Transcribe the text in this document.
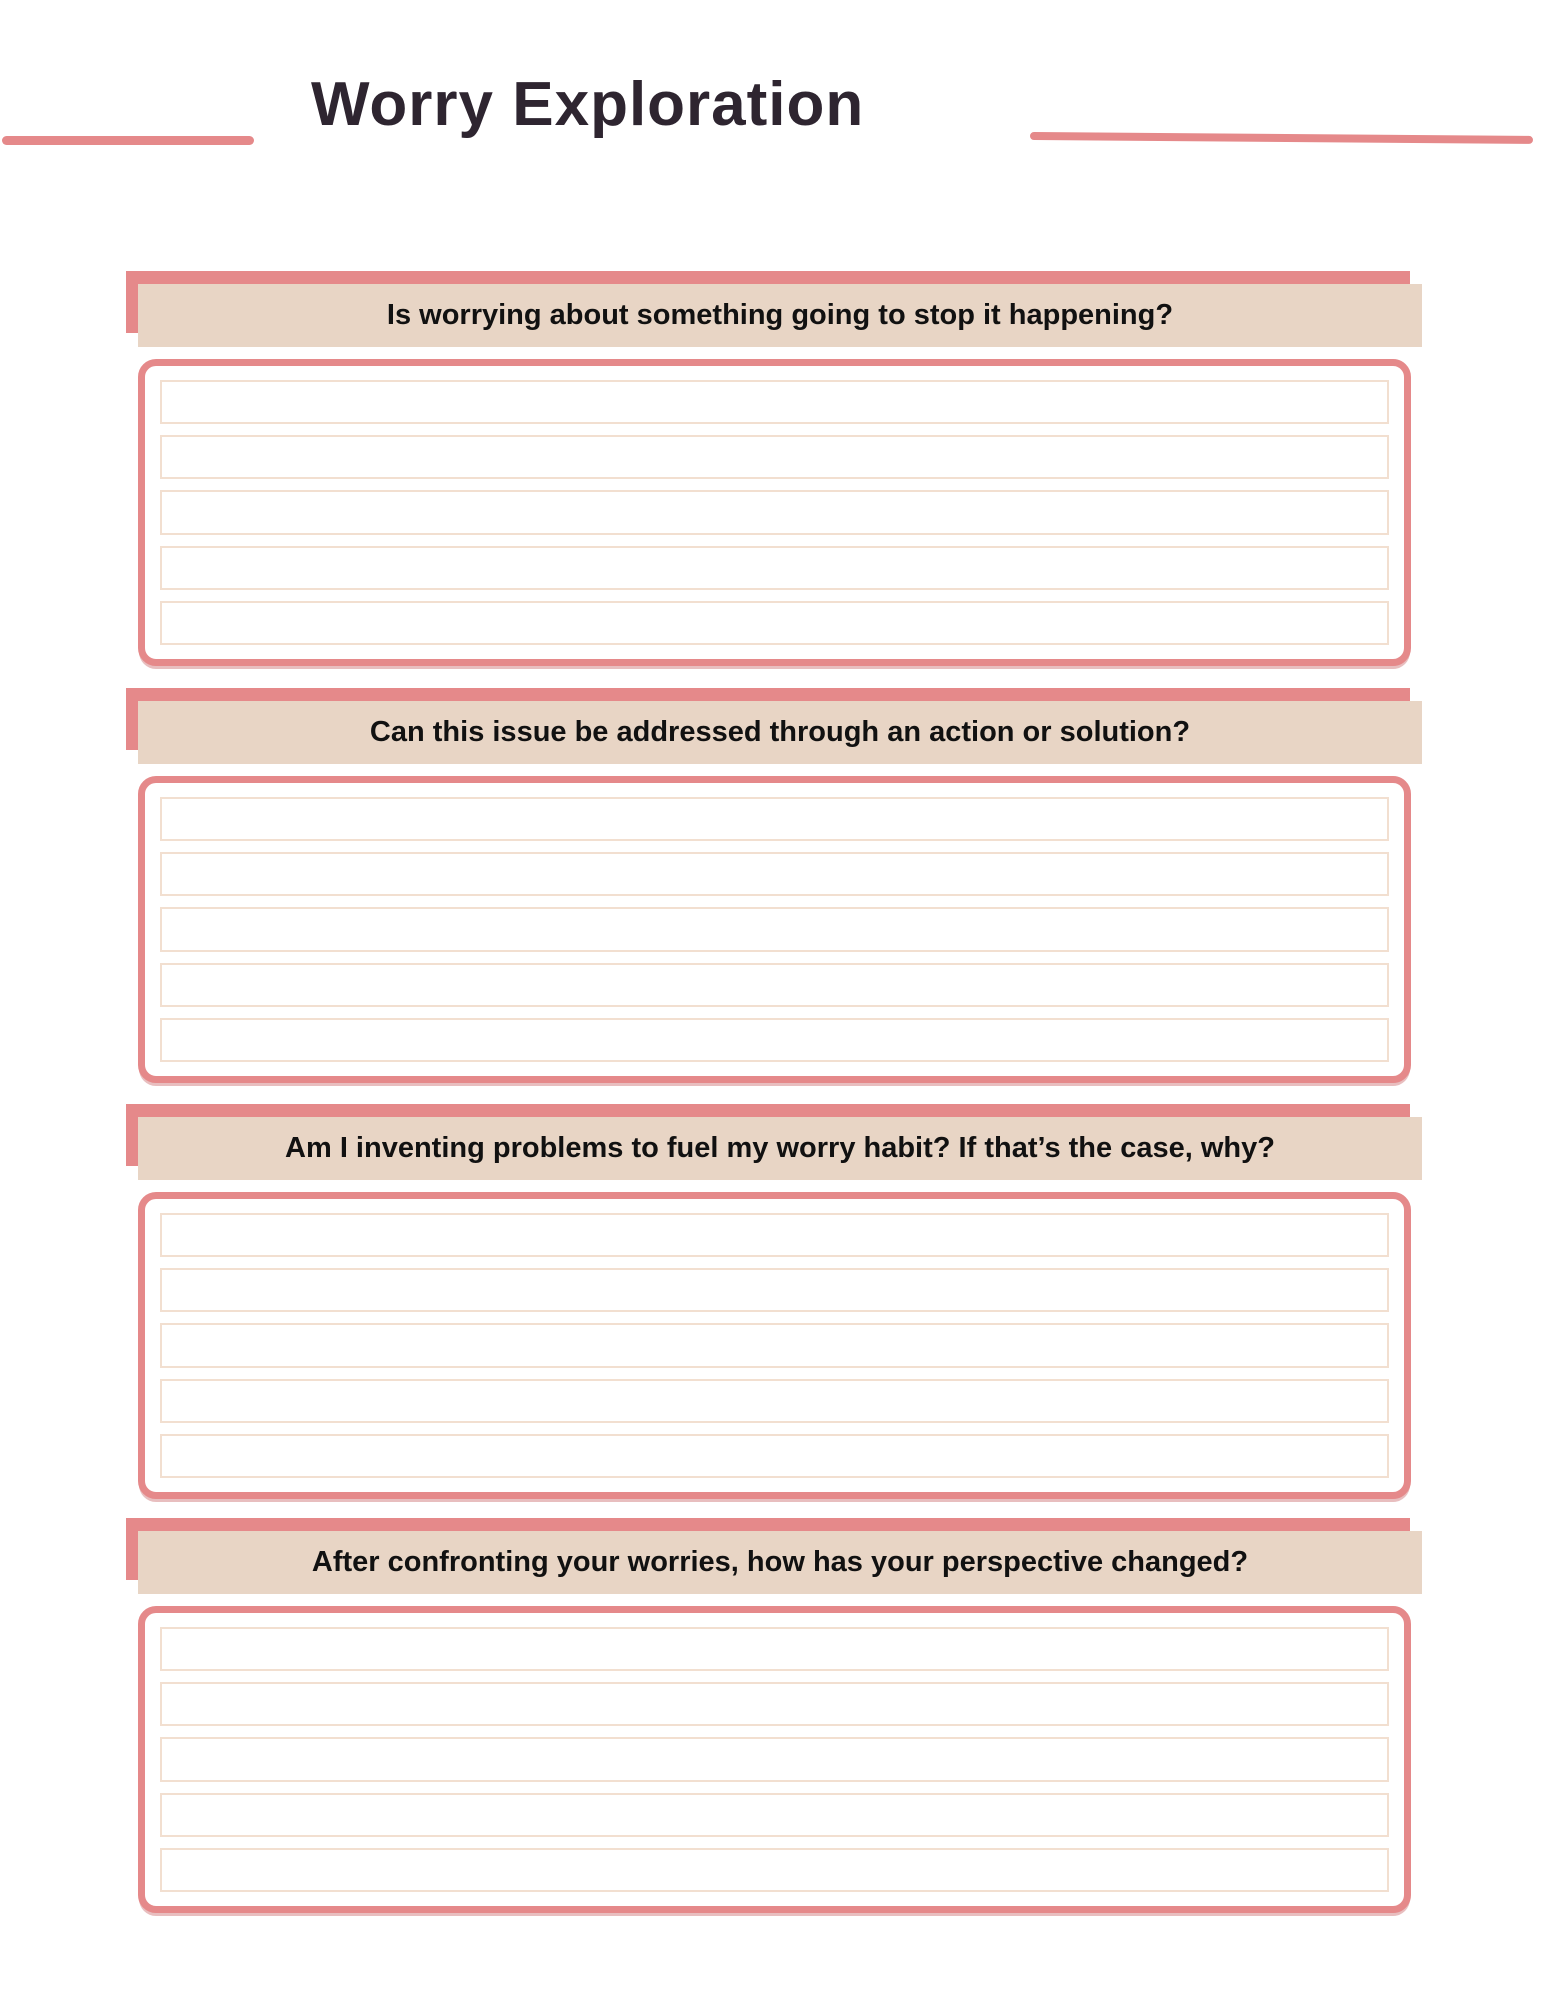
Worry Exploration
Is worrying about something going to stop it happening?
Can this issue be addressed through an action or solution?
Am I inventing problems to fuel my worry habit? If that’s the case, why?
After confronting your worries, how has your perspective changed?
